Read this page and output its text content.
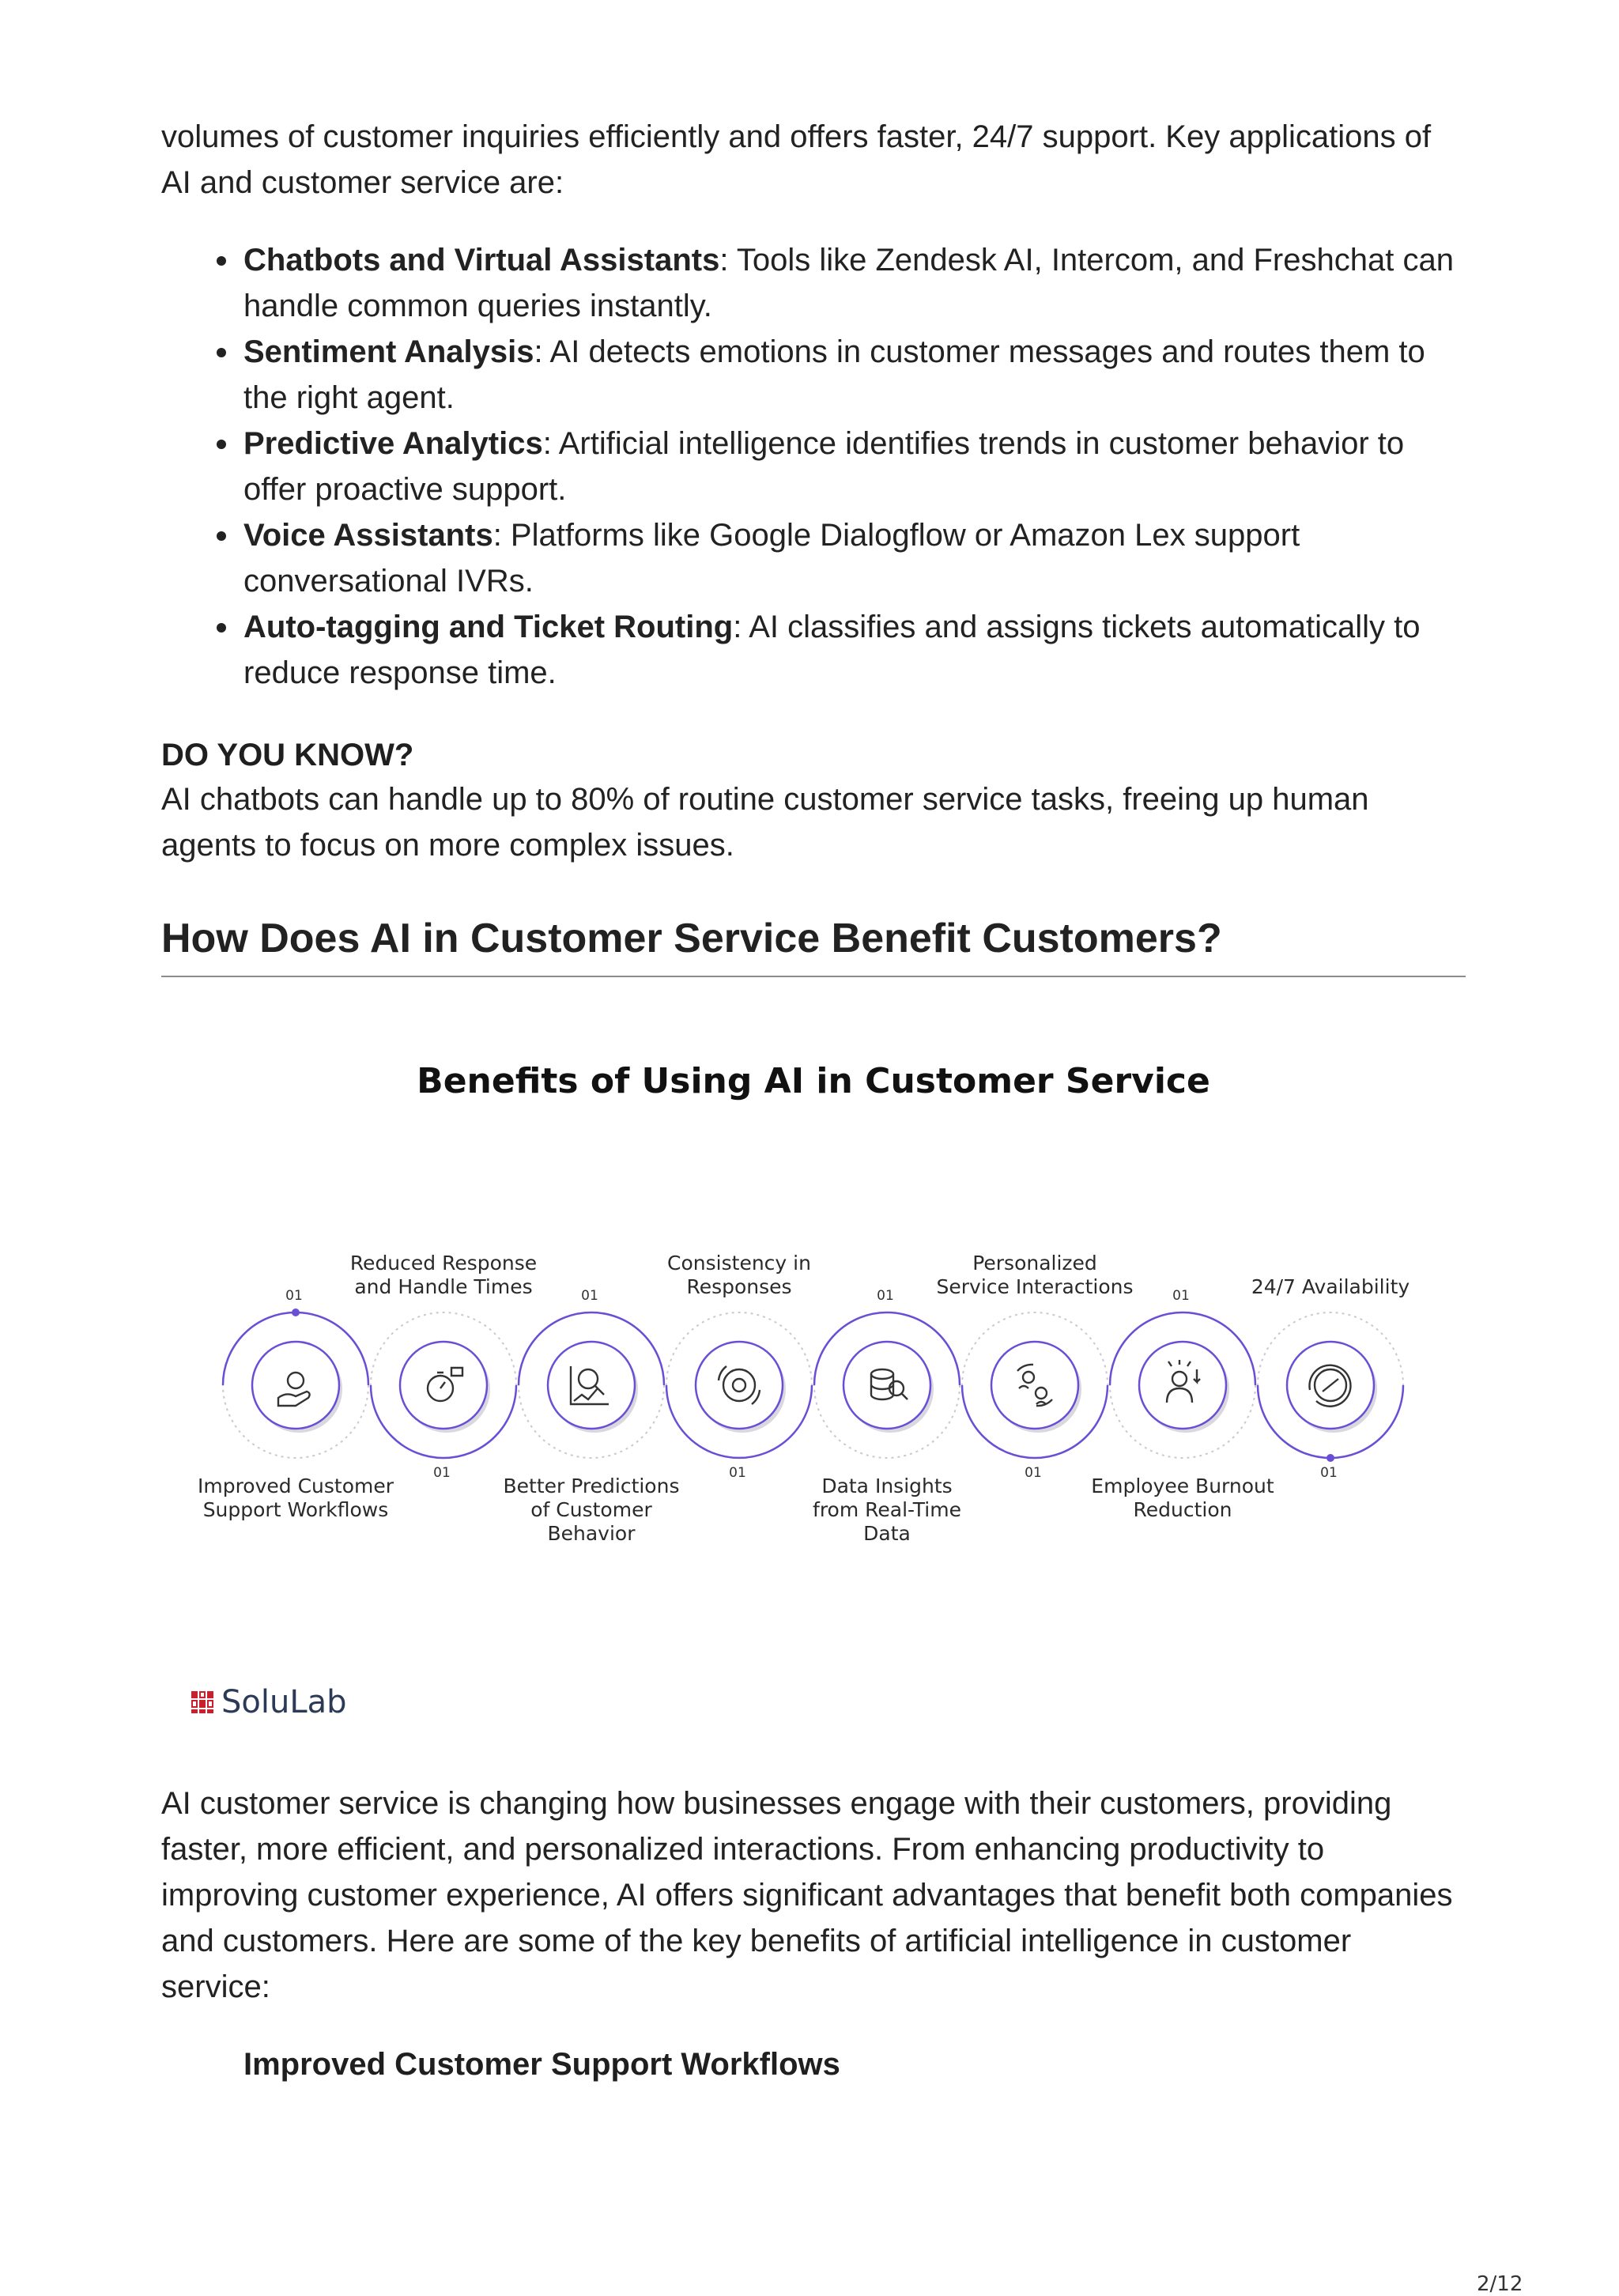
volumes of customer inquiries efficiently and offers faster, 24/7 support. Key applications of AI and customer service are:

Chatbots and Virtual Assistants: Tools like Zendesk AI, Intercom, and Freshchat can handle common queries instantly.
Sentiment Analysis: AI detects emotions in customer messages and routes them to the right agent.
Predictive Analytics: Artificial intelligence identifies trends in customer behavior to offer proactive support.
Voice Assistants: Platforms like Google Dialogflow or Amazon Lex support conversational IVRs.
Auto-tagging and Ticket Routing: AI classifies and assigns tickets automatically to reduce response time.
DO YOU KNOW?

AI chatbots can handle up to 80% of routine customer service tasks, freeing up human agents to focus on more complex issues.

How Does AI in Customer Service Benefit Customers?
Benefits of Using AI in Customer Service
01
Improved Customer
Support Workflows
01
Reduced Response
and Handle Times	01
Better Predictions
of Customer
Behavior
01
Consistency in
Responses	01
Data Insights
from Real-Time
Data
01
Personalized
Service Interactions	01
Employee Burnout
Reduction
01
24/7 Availability
SoluLab

AI customer service is changing how businesses engage with their customers, providing faster, more efficient, and personalized interactions. From enhancing productivity to improving customer experience, AI offers significant advantages that benefit both companies and customers. Here are some of the key benefits of artificial intelligence in customer service:

Improved Customer Support Workflows
2/12
